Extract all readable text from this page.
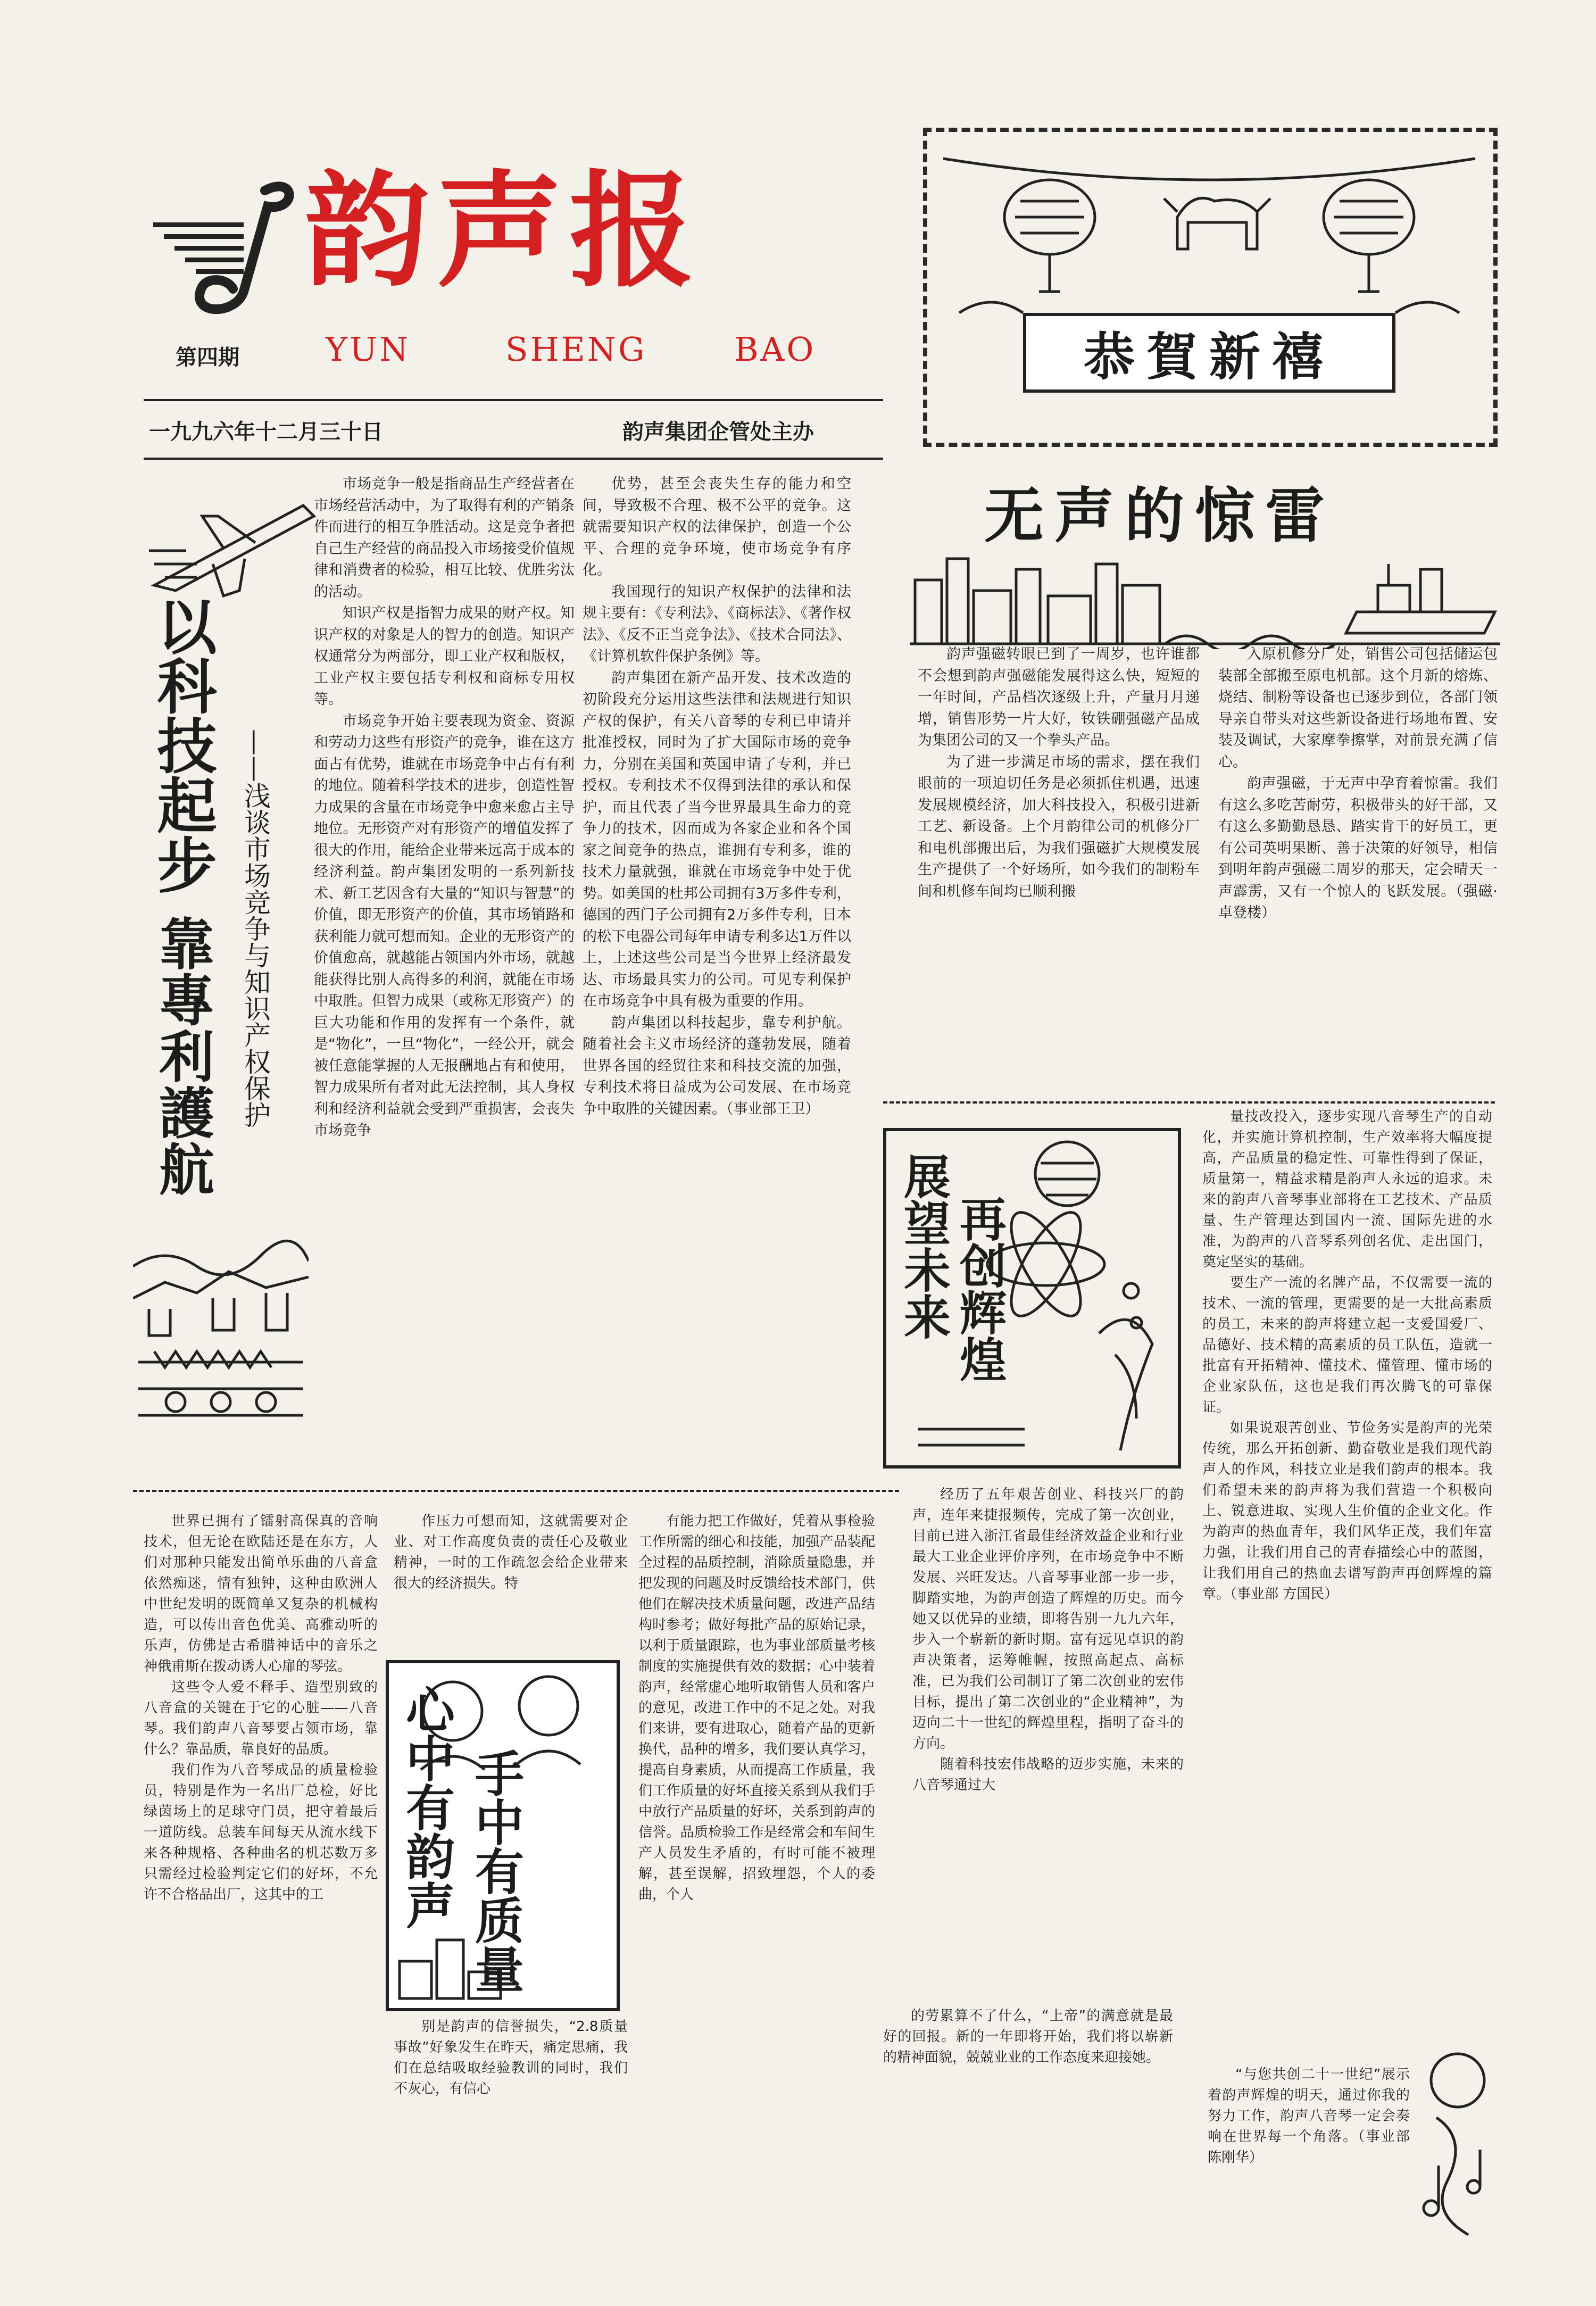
韵声报
第四期	YUN	SHENG	BAO
一九九六年十二月三十日	韵声集团企管处主办
恭賀新禧
以科技起步
靠專利護航 ——浅谈市场竞争与知识产权保护

市场竞争一般是指商品生产经营者在市场经营活动中，为了取得有利的产销条件而进行的相互争胜活动。这是竞争者把自己生产经营的商品投入市场接受价值规律和消费者的检验，相互比较、优胜劣汰的活动。

知识产权是指智力成果的财产权。知识产权的对象是人的智力的创造。知识产权通常分为两部分，即工业产权和版权，工业产权主要包括专利权和商标专用权等。

市场竞争开始主要表现为资金、资源和劳动力这些有形资产的竞争，谁在这方面占有优势，谁就在市场竞争中占有有利的地位。随着科学技术的进步，创造性智力成果的含量在市场竞争中愈来愈占主导地位。无形资产对有形资产的增值发挥了很大的作用，能给企业带来远高于成本的经济利益。韵声集团发明的一系列新技术、新工艺因含有大量的“知识与智慧”的价值，即无形资产的价值，其市场销路和获利能力就可想而知。企业的无形资产的价值愈高，就越能占领国内外市场，就越能获得比别人高得多的利润，就能在市场中取胜。但智力成果（或称无形资产）的巨大功能和作用的发挥有一个条件，就是“物化”，一旦“物化”，一经公开，就会被任意能掌握的人无报酬地占有和使用，智力成果所有者对此无法控制，其人身权利和经济利益就会受到严重损害，会丧失市场竞争

优势，甚至会丧失生存的能力和空间，导致极不合理、极不公平的竞争。这就需要知识产权的法律保护，创造一个公平、合理的竞争环境，使市场竞争有序化。

我国现行的知识产权保护的法律和法规主要有：《专利法》、《商标法》、《著作权法》、《反不正当竞争法》、《技术合同法》、《计算机软件保护条例》等。

韵声集团在新产品开发、技术改造的初阶段充分运用这些法律和法规进行知识产权的保护，有关八音琴的专利已申请并批准授权，同时为了扩大国际市场的竞争力，分别在美国和英国申请了专利，并已授权。专利技术不仅得到法律的承认和保护，而且代表了当今世界最具生命力的竞争力的技术，因而成为各家企业和各个国家之间竞争的热点，谁拥有专利多，谁的技术力量就强，谁就在市场竞争中处于优势。如美国的杜邦公司拥有3万多件专利，德国的西门子公司拥有2万多件专利，日本的松下电器公司每年申请专利多达1万件以上，上述这些公司是当今世界上经济最发达、市场最具实力的公司。可见专利保护在市场竞争中具有极为重要的作用。

韵声集团以科技起步，靠专利护航。随着社会主义市场经济的蓬勃发展，随着世界各国的经贸往来和科技交流的加强，专利技术将日益成为公司发展、在市场竞争中取胜的关键因素。（事业部王卫）

无声的惊雷

韵声强磁转眼已到了一周岁，也许谁都不会想到韵声强磁能发展得这么快，短短的一年时间，产品档次逐级上升，产量月月递增，销售形势一片大好，钕铁硼强磁产品成为集团公司的又一个拳头产品。

为了进一步满足市场的需求，摆在我们眼前的一项迫切任务是必须抓住机遇，迅速发展规模经济，加大科技投入，积极引进新工艺、新设备。上个月韵律公司的机修分厂和电机部搬出后，为我们强磁扩大规模发展生产提供了一个好场所，如今我们的制粉车间和机修车间均已顺利搬

入原机修分厂处，销售公司包括储运包装部全部搬至原电机部。这个月新的熔炼、烧结、制粉等设备也已逐步到位，各部门领导亲自带头对这些新设备进行场地布置、安装及调试，大家摩拳擦掌，对前景充满了信心。

韵声强磁，于无声中孕育着惊雷。我们有这么多吃苦耐劳，积极带头的好干部，又有这么多勤勤恳恳、踏实肯干的好员工，更有公司英明果断、善于决策的好领导，相信到明年韵声强磁二周岁的那天，定会晴天一声霹雳，又有一个惊人的飞跃发展。（强磁·卓登楼）

展望未来 再创辉煌

量技改投入，逐步实现八音琴生产的自动化，并实施计算机控制，生产效率将大幅度提高，产品质量的稳定性、可靠性得到了保证，质量第一，精益求精是韵声人永远的追求。未来的韵声八音琴事业部将在工艺技术、产品质量、生产管理达到国内一流、国际先进的水准，为韵声的八音琴系列创名优、走出国门，奠定坚实的基础。

要生产一流的名牌产品，不仅需要一流的技术、一流的管理，更需要的是一大批高素质的员工，未来的韵声将建立起一支爱国爱厂、品德好、技术精的高素质的员工队伍，造就一批富有开拓精神、懂技术、懂管理、懂市场的企业家队伍，这也是我们再次腾飞的可靠保证。

如果说艰苦创业、节俭务实是韵声的光荣传统，那么开拓创新、勤奋敬业是我们现代韵声人的作风，科技立业是我们韵声的根本。我们希望未来的韵声将为我们营造一个积极向上、锐意进取、实现人生价值的企业文化。作为韵声的热血青年，我们风华正茂，我们年富力强，让我们用自己的青春描绘心中的蓝图，让我们用自己的热血去谱写韵声再创辉煌的篇章。（事业部 方国民）

经历了五年艰苦创业、科技兴厂的韵声，连年来捷报频传，完成了第一次创业，目前已进入浙江省最佳经济效益企业和行业最大工业企业评价序列，在市场竞争中不断发展、兴旺发达。八音琴事业部一步一步，脚踏实地，为韵声创造了辉煌的历史。而今她又以优异的业绩，即将告别一九九六年，步入一个崭新的新时期。富有远见卓识的韵声决策者，运筹帷幄，按照高起点、高标准，已为我们公司制订了第二次创业的宏伟目标，提出了第二次创业的“企业精神”，为迈向二十一世纪的辉煌里程，指明了奋斗的方向。

随着科技宏伟战略的迈步实施，未来的八音琴通过大

世界已拥有了镭射高保真的音响技术，但无论在欧陆还是在东方，人们对那种只能发出简单乐曲的八音盒依然痴迷，情有独钟，这种由欧洲人中世纪发明的既简单又复杂的机械构造，可以传出音色优美、高雅动听的乐声，仿佛是古希腊神话中的音乐之神俄甫斯在拨动诱人心扉的琴弦。

这些令人爱不释手、造型别致的八音盒的关键在于它的心脏——八音琴。我们韵声八音琴要占领市场，靠什么？靠品质，靠良好的品质。

我们作为八音琴成品的质量检验员，特别是作为一名出厂总检，好比绿茵场上的足球守门员，把守着最后一道防线。总装车间每天从流水线下来各种规格、各种曲名的机芯数万多只需经过检验判定它们的好坏，不允许不合格品出厂，这其中的工

作压力可想而知，这就需要对企业、对工作高度负责的责任心及敬业精神，一时的工作疏忽会给企业带来很大的经济损失。特

心中有韵声 手中有质量

别是韵声的信誉损失，“2.8质量事故”好象发生在昨天，痛定思痛，我们在总结吸取经验教训的同时，我们不灰心，有信心

有能力把工作做好，凭着从事检验工作所需的细心和技能，加强产品装配全过程的品质控制，消除质量隐患，并把发现的问题及时反馈给技术部门，供他们在解决技术质量问题，改进产品结构时参考；做好每批产品的原始记录，以利于质量跟踪，也为事业部质量考核制度的实施提供有效的数据；心中装着韵声，经常虚心地听取销售人员和客户的意见，改进工作中的不足之处。对我们来讲，要有进取心，随着产品的更新换代，品种的增多，我们要认真学习，提高自身素质，从而提高工作质量，我们工作质量的好坏直接关系到从我们手中放行产品质量的好坏，关系到韵声的信誉。品质检验工作是经常会和车间生产人员发生矛盾的，有时可能不被理解，甚至误解，招致埋怨，个人的委曲，个人

的劳累算不了什么，“上帝”的满意就是最好的回报。新的一年即将开始，我们将以崭新的精神面貌，兢兢业业的工作态度来迎接她。

“与您共创二十一世纪”展示着韵声辉煌的明天，通过你我的努力工作，韵声八音琴一定会奏响在世界每一个角落。（事业部 陈刚华）
